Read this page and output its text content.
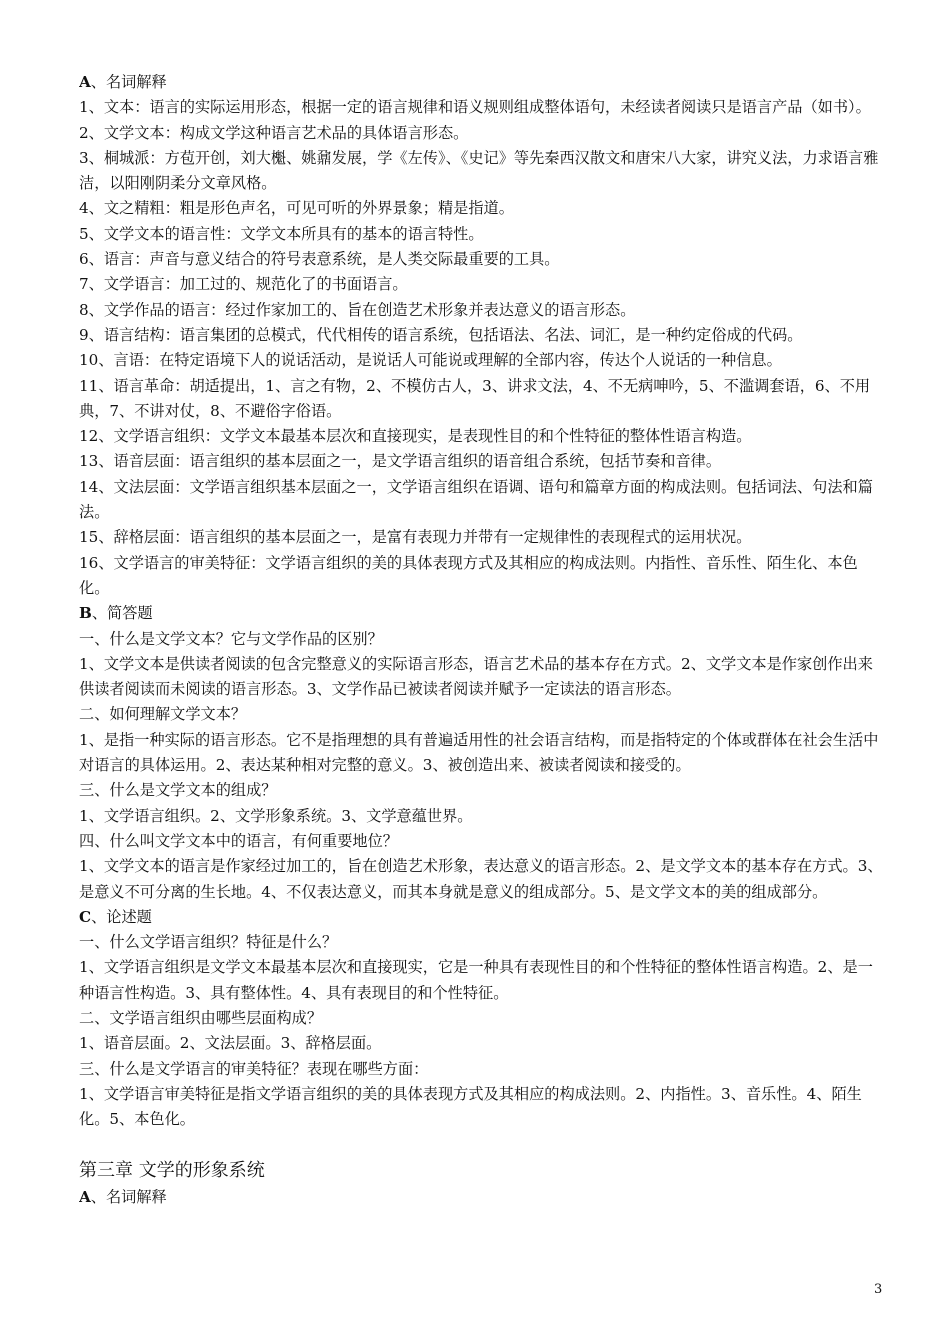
A、名词解释
1、文本：语言的实际运用形态，根据一定的语言规律和语义规则组成整体语句，未经读者阅读只是语言产品（如书）。
2、文学文本：构成文学这种语言艺术品的具体语言形态。
3、桐城派：方苞开创，刘大櫆、姚鼐发展，学《左传》、《史记》等先秦西汉散文和唐宋八大家，讲究义法，力求语言雅洁，以阳刚阴柔分文章风格。
4、文之精粗：粗是形色声名，可见可听的外界景象；精是指道。
5、文学文本的语言性：文学文本所具有的基本的语言特性。
6、语言：声音与意义结合的符号表意系统，是人类交际最重要的工具。
7、文学语言：加工过的、规范化了的书面语言。
8、文学作品的语言：经过作家加工的、旨在创造艺术形象并表达意义的语言形态。
9、语言结构：语言集团的总模式，代代相传的语言系统，包括语法、名法、词汇，是一种约定俗成的代码。
10、言语：在特定语境下人的说话活动，是说话人可能说或理解的全部内容，传达个人说话的一种信息。
11、语言革命：胡适提出，1、言之有物，2、不模仿古人，3、讲求文法，4、不无病呻吟，5、不滥调套语，6、不用典，7、不讲对仗，8、不避俗字俗语。
12、文学语言组织：文学文本最基本层次和直接现实，是表现性目的和个性特征的整体性语言构造。
13、语音层面：语言组织的基本层面之一，是文学语言组织的语音组合系统，包括节奏和音律。
14、文法层面：文学语言组织基本层面之一，文学语言组织在语调、语句和篇章方面的构成法则。包括词法、句法和篇法。
15、辞格层面：语言组织的基本层面之一，是富有表现力并带有一定规律性的表现程式的运用状况。
16、文学语言的审美特征：文学语言组织的美的具体表现方式及其相应的构成法则。内指性、音乐性、陌生化、本色化。
B、简答题
一、什么是文学文本？它与文学作品的区别？
1、文学文本是供读者阅读的包含完整意义的实际语言形态，语言艺术品的基本存在方式。2、文学文本是作家创作出来供读者阅读而未阅读的语言形态。3、文学作品已被读者阅读并赋予一定读法的语言形态。
二、如何理解文学文本？
1、是指一种实际的语言形态。它不是指理想的具有普遍适用性的社会语言结构，而是指特定的个体或群体在社会生活中对语言的具体运用。2、表达某种相对完整的意义。3、被创造出来、被读者阅读和接受的。
三、什么是文学文本的组成？
1、文学语言组织。2、文学形象系统。3、文学意蕴世界。
四、什么叫文学文本中的语言，有何重要地位？
1、文学文本的语言是作家经过加工的，旨在创造艺术形象，表达意义的语言形态。2、是文学文本的基本存在方式。3、是意义不可分离的生长地。4、不仅表达意义，而其本身就是意义的组成部分。5、是文学文本的美的组成部分。
C、论述题
一、什么文学语言组织？特征是什么？
1、文学语言组织是文学文本最基本层次和直接现实，它是一种具有表现性目的和个性特征的整体性语言构造。2、是一种语言性构造。3、具有整体性。4、具有表现目的和个性特征。
二、文学语言组织由哪些层面构成？
1、语音层面。2、文法层面。3、辞格层面。
三、什么是文学语言的审美特征？表现在哪些方面：
1、文学语言审美特征是指文学语言组织的美的具体表现方式及其相应的构成法则。2、内指性。3、音乐性。4、陌生化。5、本色化。
第三章 文学的形象系统
A、名词解释
3
